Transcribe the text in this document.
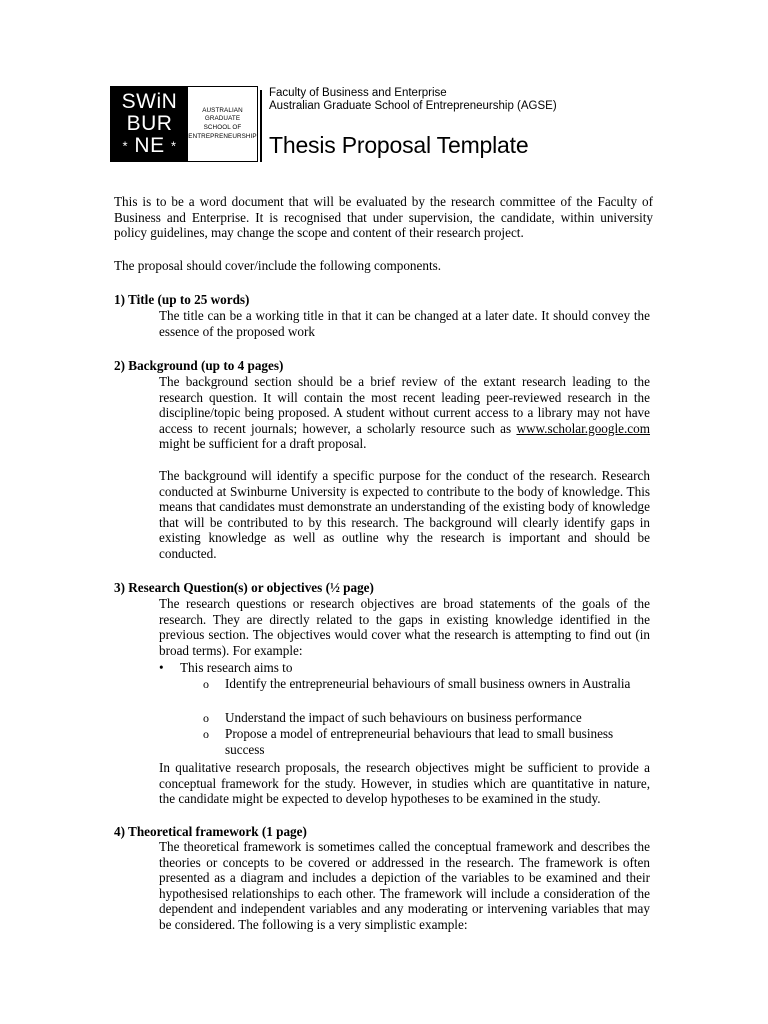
SWiN
BUR
* NE *
AUSTRALIAN
GRADUATE
SCHOOL OF
ENTREPRENEURSHIP
Faculty of Business and Enterprise
Australian Graduate School of Entrepreneurship (AGSE)
Thesis Proposal Template

This is to be a word document that will be evaluated by the research committee of the Faculty of Business and Enterprise. It is recognised that under supervision, the candidate, within university policy guidelines, may change the scope and content of their research project.

The proposal should cover/include the following components.

1) Title (up to 25 words)

The title can be a working title in that it can be changed at a later date. It should convey the essence of the proposed work

2) Background (up to 4 pages)

The background section should be a brief review of the extant research leading to the research question. It will contain the most recent leading peer-reviewed research in the discipline/topic being proposed. A student without current access to a library may not have access to recent journals; however, a scholarly resource such as www.scholar.google.com might be sufficient for a draft proposal.

The background will identify a specific purpose for the conduct of the research. Research conducted at Swinburne University is expected to contribute to the body of knowledge. This means that candidates must demonstrate an understanding of the existing body of knowledge that will be contributed to by this research. The background will clearly identify gaps in existing knowledge as well as outline why the research is important and should be conducted.

3) Research Question(s) or objectives (½ page)

The research questions or research objectives are broad statements of the goals of the research. They are directly related to the gaps in existing knowledge identified in the previous section. The objectives would cover what the research is attempting to find out (in broad terms). For example:

• This research aims to
o Identify the entrepreneurial behaviours of small business owners in Australia

o Understand the impact of such behaviours on business performance

o Propose a model of entrepreneurial behaviours that lead to small business success

In qualitative research proposals, the research objectives might be sufficient to provide a conceptual framework for the study. However, in studies which are quantitative in nature, the candidate might be expected to develop hypotheses to be examined in the study.

4) Theoretical framework (1 page)

The theoretical framework is sometimes called the conceptual framework and describes the theories or concepts to be covered or addressed in the research. The framework is often presented as a diagram and includes a depiction of the variables to be examined and their hypothesised relationships to each other. The framework will include a consideration of the dependent and independent variables and any moderating or intervening variables that may be considered. The following is a very simplistic example:
